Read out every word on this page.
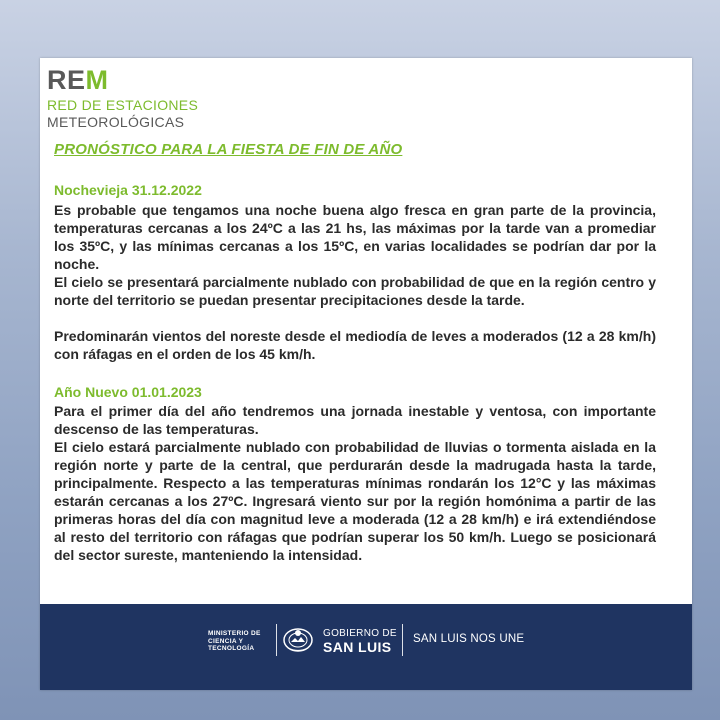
REM
RED DE ESTACIONES
METEOROLÓGICAS
PRONÓSTICO PARA LA FIESTA DE FIN DE AÑO
Nochevieja 31.12.2022

Es probable que tengamos una noche buena algo fresca en gran parte de la provincia, temperaturas cercanas a los 24ºC a las 21 hs, las máximas por la tarde van a promediar los 35ºC, y las mínimas cercanas a los 15ºC, en varias localidades se podrían dar por la noche.

El cielo se presentará parcialmente nublado con probabilidad de que en la región centro y norte del territorio se puedan presentar precipitaciones desde la tarde.

Predominarán vientos del noreste desde el mediodía de leves a moderados (12 a 28 km/h) con ráfagas en el orden de los 45 km/h.

Año Nuevo 01.01.2023

Para el primer día del año tendremos una jornada inestable y ventosa, con importante descenso de las temperaturas.

El cielo estará parcialmente nublado con probabilidad de lluvias o tormenta aislada en la región norte y parte de la central, que perdurarán desde la madrugada hasta la tarde, principalmente. Respecto a las temperaturas mínimas rondarán los 12°C y las máximas estarán cercanas a los 27ºC. Ingresará viento sur por la región homónima a partir de las primeras horas del día con magnitud leve a moderada (12 a 28 km/h) e irá extendiéndose al resto del territorio con ráfagas que podrían superar los 50 km/h. Luego se posicionará del sector sureste, manteniendo la intensidad.

MINISTERIO DE CIENCIA Y TECNOLOGÍA
GOBIERNO DE
SAN LUIS	SAN LUIS NOS UNE
